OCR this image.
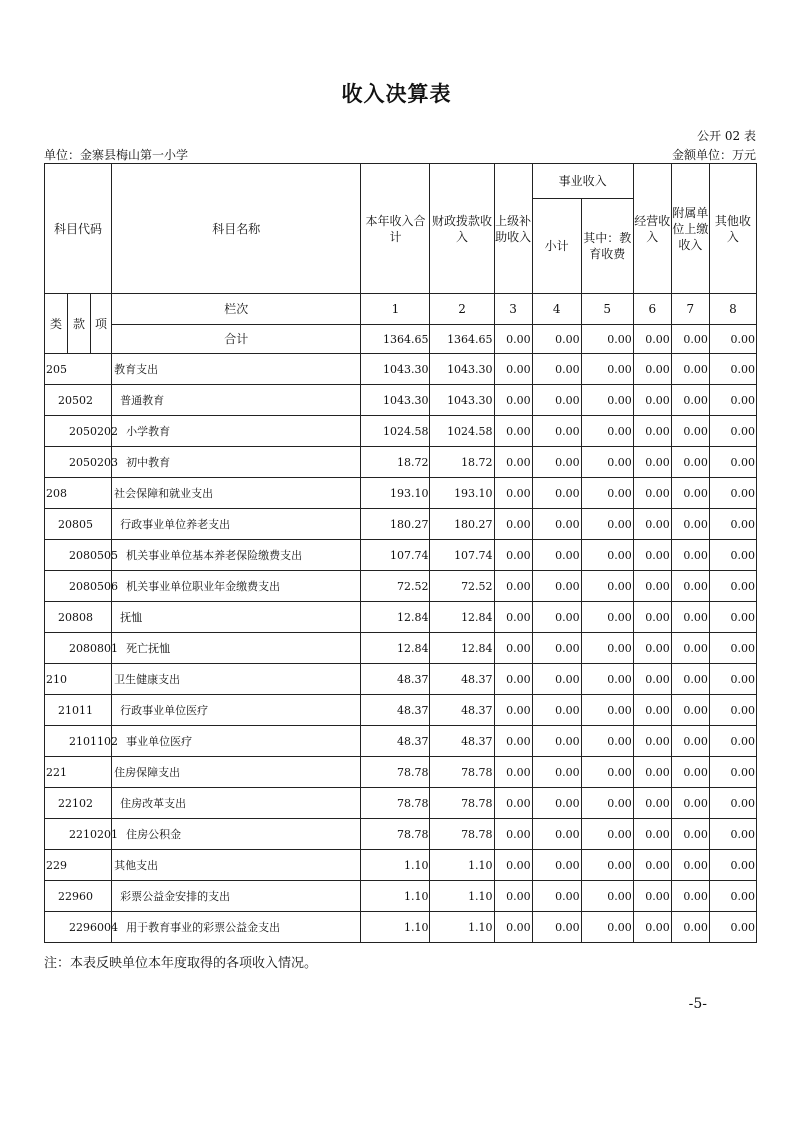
收入决算表
公开 02 表
单位：金寨县梅山第一小学	金额单位：万元
科目代码			科目名称	本年收入合计	财政拨款收入	上级补助收入	事业收入		经营收入	附属单位上缴收入	其他收入
							小计	其中：教育收费			
类	款	项	栏次	1	2	3	4	5	6	7	8
			合计	1364.65	1364.65	0.00	0.00	0.00	0.00	0.00	0.00
205			教育支出	1043.30	1043.30	0.00	0.00	0.00	0.00	0.00	0.00
20502			普通教育	1043.30	1043.30	0.00	0.00	0.00	0.00	0.00	0.00
2050202			小学教育	1024.58	1024.58	0.00	0.00	0.00	0.00	0.00	0.00
2050203			初中教育	18.72	18.72	0.00	0.00	0.00	0.00	0.00	0.00
208			社会保障和就业支出	193.10	193.10	0.00	0.00	0.00	0.00	0.00	0.00
20805			行政事业单位养老支出	180.27	180.27	0.00	0.00	0.00	0.00	0.00	0.00
2080505			机关事业单位基本养老保险缴费支出	107.74	107.74	0.00	0.00	0.00	0.00	0.00	0.00
2080506			机关事业单位职业年金缴费支出	72.52	72.52	0.00	0.00	0.00	0.00	0.00	0.00
20808			抚恤	12.84	12.84	0.00	0.00	0.00	0.00	0.00	0.00
2080801			死亡抚恤	12.84	12.84	0.00	0.00	0.00	0.00	0.00	0.00
210			卫生健康支出	48.37	48.37	0.00	0.00	0.00	0.00	0.00	0.00
21011			行政事业单位医疗	48.37	48.37	0.00	0.00	0.00	0.00	0.00	0.00
2101102			事业单位医疗	48.37	48.37	0.00	0.00	0.00	0.00	0.00	0.00
221			住房保障支出	78.78	78.78	0.00	0.00	0.00	0.00	0.00	0.00
22102			住房改革支出	78.78	78.78	0.00	0.00	0.00	0.00	0.00	0.00
2210201			住房公积金	78.78	78.78	0.00	0.00	0.00	0.00	0.00	0.00
229			其他支出	1.10	1.10	0.00	0.00	0.00	0.00	0.00	0.00
22960			彩票公益金安排的支出	1.10	1.10	0.00	0.00	0.00	0.00	0.00	0.00
2296004			用于教育事业的彩票公益金支出	1.10	1.10	0.00	0.00	0.00	0.00	0.00	0.00
注：本表反映单位本年度取得的各项收入情况。
-5-
